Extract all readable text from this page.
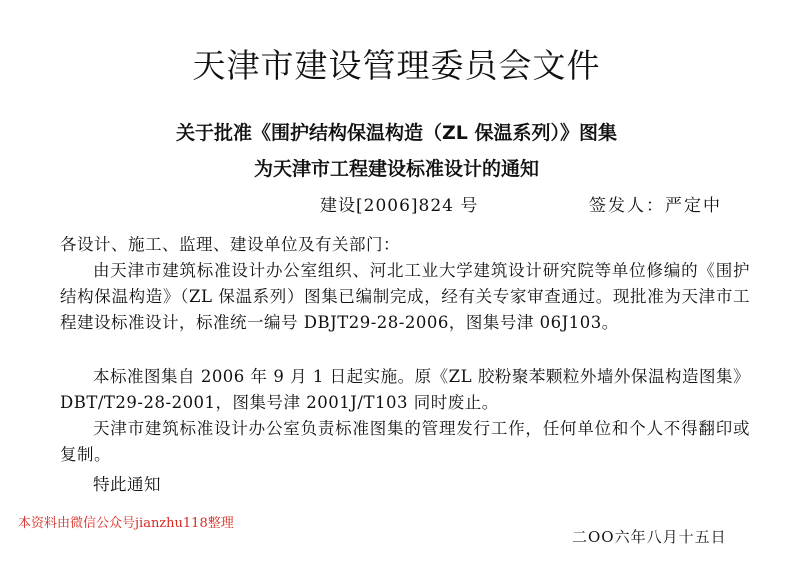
天津市建设管理委员会文件
关于批准《围护结构保温构造（ZL 保温系列）》图集
为天津市工程建设标准设计的通知
建设[2006]824 号	签发人：严定中
各设计、施工、监理、建设单位及有关部门：
由天津市建筑标准设计办公室组织、河北工业大学建筑设计研究院等单位修编的《围护结构保温构造》（ZL 保温系列）图集已编制完成，经有关专家审查通过。现批准为天津市工程建设标准设计，标准统一编号 DBJT29-28-2006，图集号津 06J103。
本标准图集自 2006 年 9 月 1 日起实施。原《ZL 胶粉聚苯颗粒外墙外保温构造图集》DBT/T29-28-2001，图集号津 2001J/T103 同时废止。
天津市建筑标准设计办公室负责标准图集的管理发行工作，任何单位和个人不得翻印或复制。
特此通知
本资料由微信公众号jianzhu118整理
二OO六年八月十五日
